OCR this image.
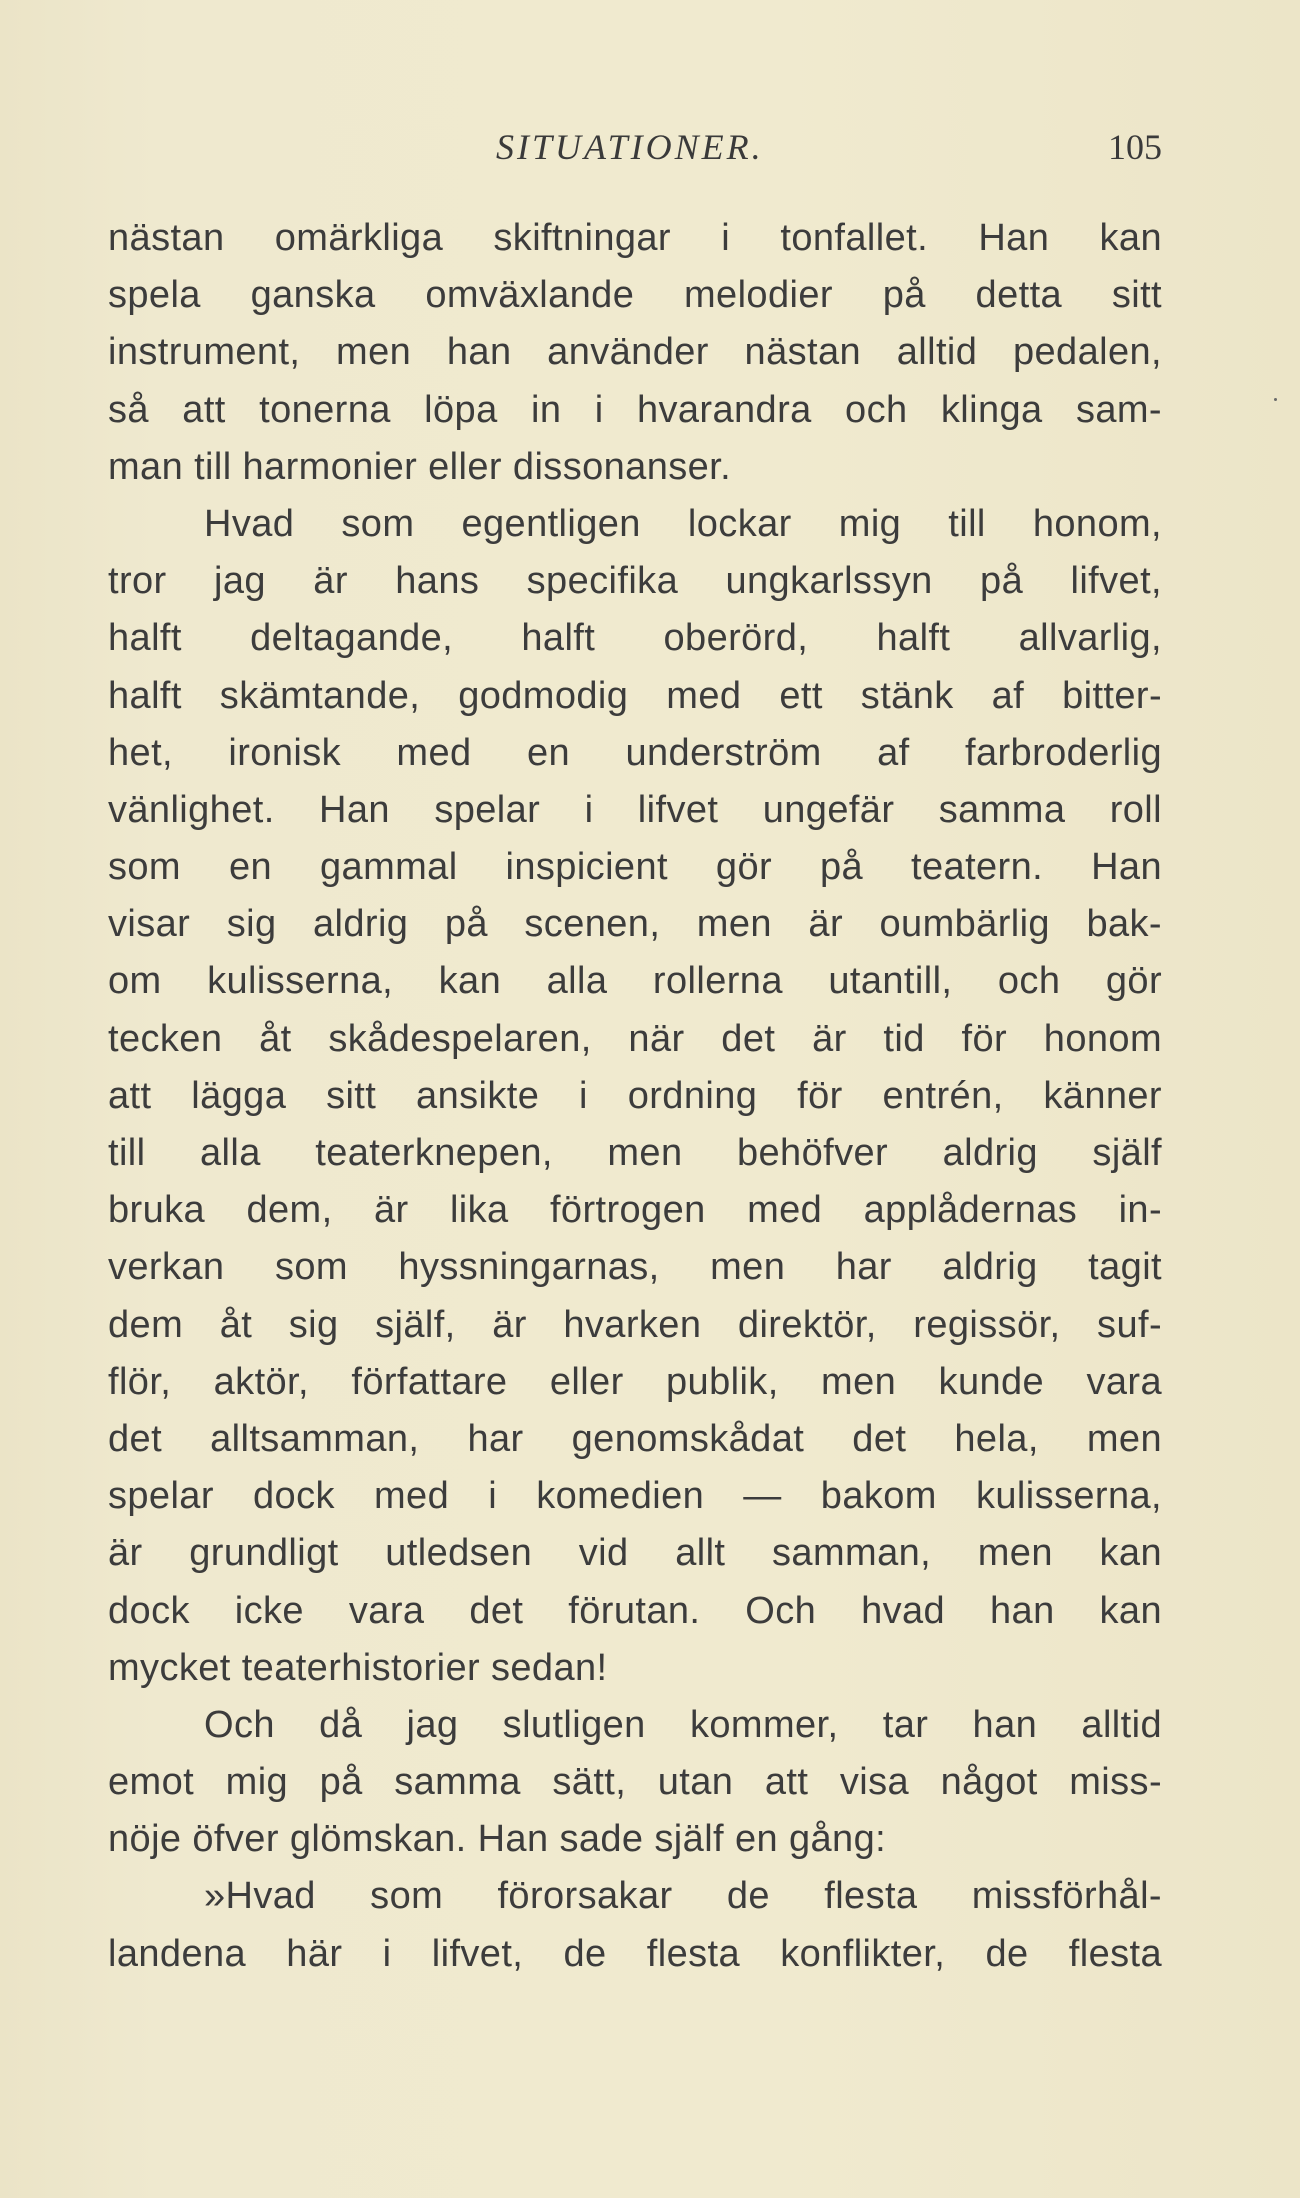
SITUATIONER.	105
nästan omärkliga skiftningar i tonfallet. Han kan
spela ganska omväxlande melodier på detta sitt
instrument, men han använder nästan alltid pedalen,
så att tonerna löpa in i hvarandra och klinga sam-
man till harmonier eller dissonanser.
Hvad som egentligen lockar mig till honom,
tror jag är hans specifika ungkarlssyn på lifvet,
halft deltagande, halft oberörd, halft allvarlig,
halft skämtande, godmodig med ett stänk af bitter-
het, ironisk med en underström af farbroderlig
vänlighet. Han spelar i lifvet ungefär samma roll
som en gammal inspicient gör på teatern. Han
visar sig aldrig på scenen, men är oumbärlig bak-
om kulisserna, kan alla rollerna utantill, och gör
tecken åt skådespelaren, när det är tid för honom
att lägga sitt ansikte i ordning för entrén, känner
till alla teaterknepen, men behöfver aldrig själf
bruka dem, är lika förtrogen med applådernas in-
verkan som hyssningarnas, men har aldrig tagit
dem åt sig själf, är hvarken direktör, regissör, suf-
flör, aktör, författare eller publik, men kunde vara
det alltsamman, har genomskådat det hela, men
spelar dock med i komedien — bakom kulisserna,
är grundligt utledsen vid allt samman, men kan
dock icke vara det förutan. Och hvad han kan
mycket teaterhistorier sedan!
Och då jag slutligen kommer, tar han alltid
emot mig på samma sätt, utan att visa något miss-
nöje öfver glömskan. Han sade själf en gång:
»Hvad som förorsakar de flesta missförhål-
landena här i lifvet, de flesta konflikter, de flesta
